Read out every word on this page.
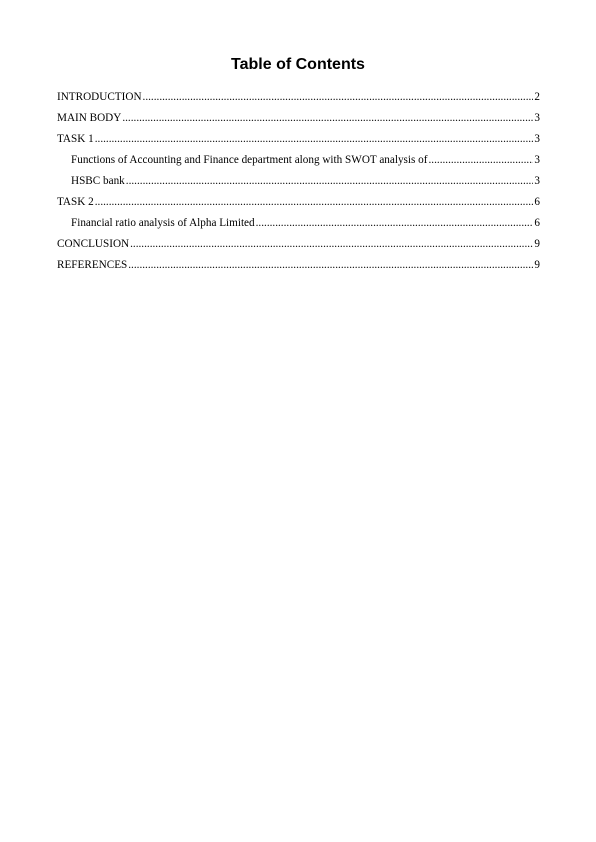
Table of Contents
INTRODUCTION .....	2
MAIN BODY .....	3
TASK 1 .....	3
Functions of Accounting and Finance department along with SWOT analysis of .....	3
HSBC bank .....	3
TASK 2 .....	6
Financial ratio analysis of Alpha Limited .....	6
CONCLUSION .....	9
REFERENCES .....	9
